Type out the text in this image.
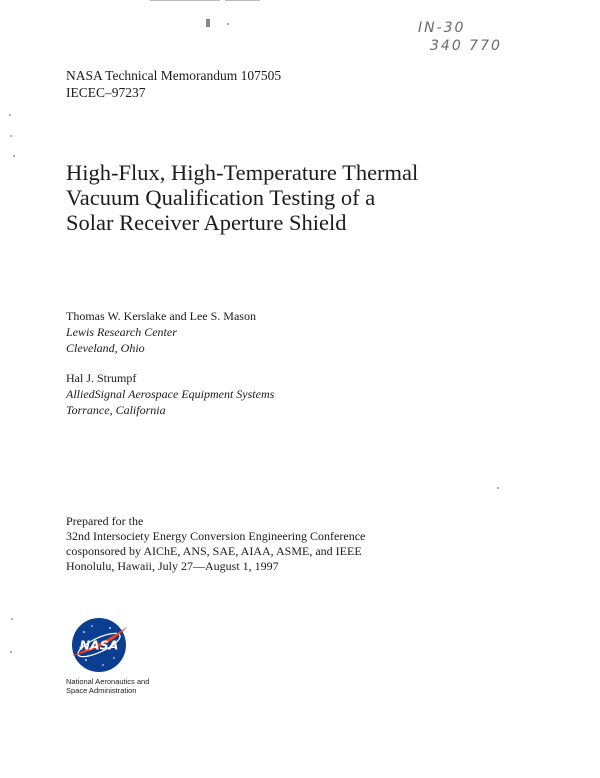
IN-30
340 770
NASA Technical Memorandum 107505
IECEC–97237
High-Flux, High-Temperature Thermal
Vacuum Qualification Testing of a
Solar Receiver Aperture Shield
Thomas W. Kerslake and Lee S. Mason
Lewis Research Center
Cleveland, Ohio
Hal J. Strumpf
AlliedSignal Aerospace Equipment Systems
Torrance, California
Prepared for the
32nd Intersociety Energy Conversion Engineering Conference
cosponsored by AIChE, ANS, SAE, AIAA, ASME, and IEEE
Honolulu, Hawaii, July 27—August 1, 1997
NASA
National Aeronautics and
Space Administration
